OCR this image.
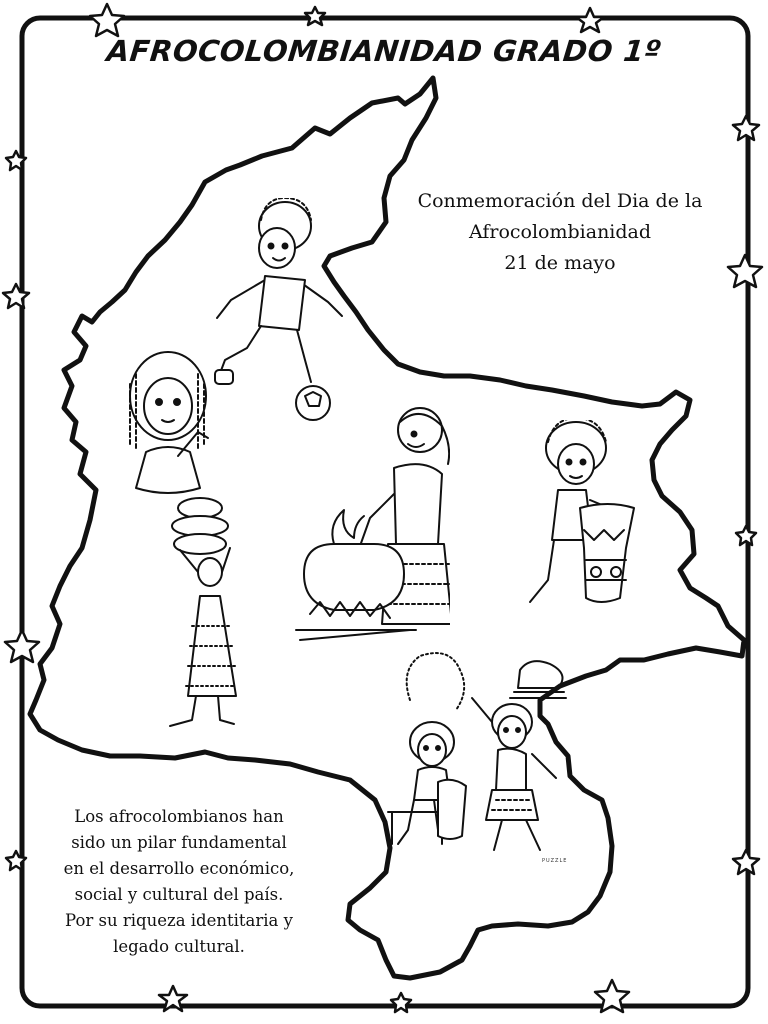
AFROCOLOMBIANIDAD GRADO 1º
Conmemoración del Dia de la
Afrocolombianidad
21 de mayo
PUZZLE
Los afrocolombianos han
sido un pilar fundamental
en el desarrollo económico,
social y cultural del país.
Por su riqueza identitaria y
legado cultural.
